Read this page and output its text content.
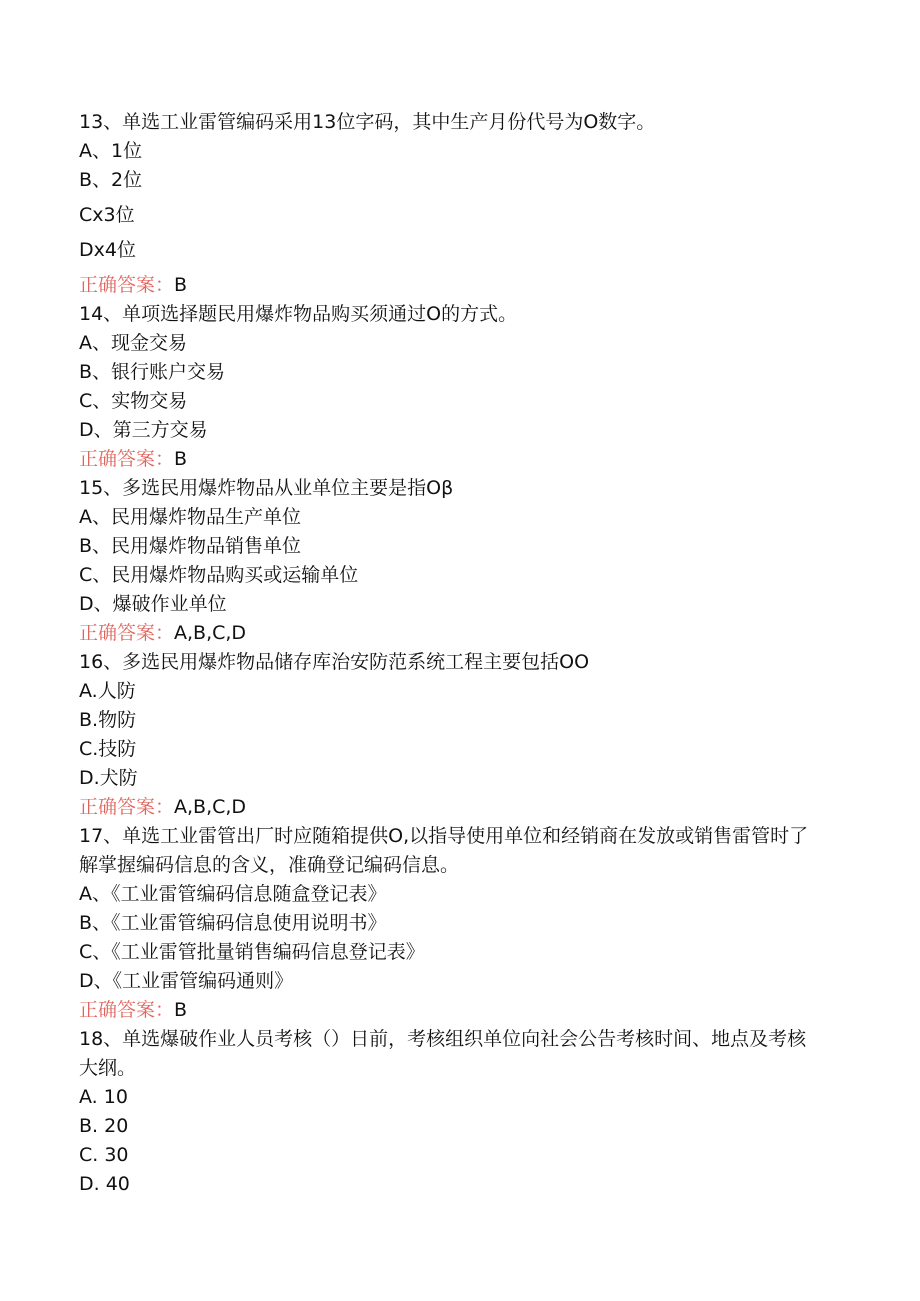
13、单选工业雷管编码采用13位字码，其中生产月份代号为O数字。
A、1位
B、2位
Cx3位
Dx4位
正确答案：B
14、单项选择题民用爆炸物品购买须通过O的方式。
A、现金交易
B、银行账户交易
C、实物交易
D、第三方交易
正确答案：B
15、多选民用爆炸物品从业单位主要是指Oβ
A、民用爆炸物品生产单位
B、民用爆炸物品销售单位
C、民用爆炸物品购买或运输单位
D、爆破作业单位
正确答案：A,B,C,D
16、多选民用爆炸物品储存库治安防范系统工程主要包括OO
A.人防
B.物防
C.技防
D.犬防
正确答案：A,B,C,D
17、单选工业雷管出厂时应随箱提供O,以指导使用单位和经销商在发放或销售雷管时了解掌握编码信息的含义，准确登记编码信息。
A、《工业雷管编码信息随盒登记表》
B、《工业雷管编码信息使用说明书》
C、《工业雷管批量销售编码信息登记表》
D、《工业雷管编码通则》
正确答案：B
18、单选爆破作业人员考核（）日前，考核组织单位向社会公告考核时间、地点及考核大纲。
A. 10
B. 20
C. 30
D. 40
